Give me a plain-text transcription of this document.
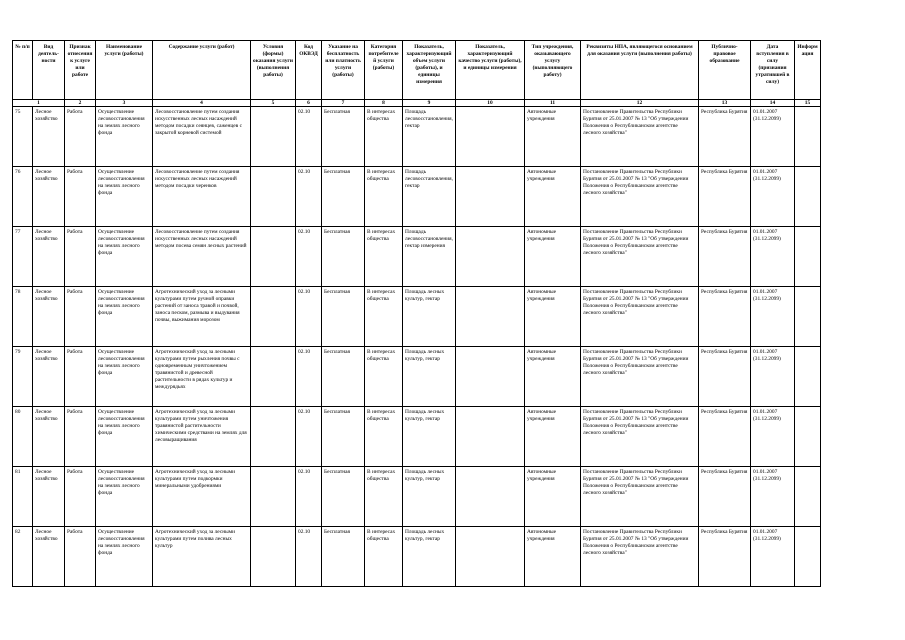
№ п/п	Вид деятель-ности	Признак отнесения к услуге или работе	Наименование услуги (работы)	Содержание услуги (работ)	Условия (формы) оказания услуги (выполнения работы)	Код ОКВЭД	Указание на бесплатность или платность услуги (работы)	Категория потребителей услуги (работы)	Показатель, характеризующий объем услуги (работы), и единицы измерения	Показатель, характеризующий качество услуги (работы), и единицы измерения	Тип учреждения, оказывающего услугу (выполняющего работу)	Реквизиты НПА, являющегося основанием для оказания услуги (выполнения работы)	Публично-правовое образование	Дата вступления в силу (признания утратившей в силу)	Информация
1		2	3	4	5	6	7	8	9	10	11	12	13	14	15
75	Лесное хозяйство	Работа	Осуществление лесовосстановления на землях лесного фонда	Лесовосстановление путем создания искусственных лесных насаждений методом посадки сеянцев, саженцев с закрытой корневой системой		02.10	Бесплатная	В интересах общества	Площадь лесовосстановления, гектар		Автономные учреждения	Постановление Правительства Республики Бурятия от 25.01.2007 № 13 "Об утверждении Положения о Республиканском агентстве лесного хозяйства"	Республика Бурятия	01.01.2007 (31.12.2099)	
76	Лесное хозяйство	Работа	Осуществление лесовосстановления на землях лесного фонда	Лесовосстановление путем создания искусственных лесных насаждений методом посадки черенков		02.10	Бесплатная	В интересах общества	Площадь лесовосстановления, гектар		Автономные учреждения	Постановление Правительства Республики Бурятия от 25.01.2007 № 13 "Об утверждении Положения о Республиканском агентстве лесного хозяйства"	Республика Бурятия	01.01.2007 (31.12.2099)	
77	Лесное хозяйство	Работа	Осуществление лесовосстановления на землях лесного фонда	Лесовосстановление путем создания искусственных лесных насаждений методом посева семян лесных растений		02.10	Бесплатная	В интересах общества	Площадь лесовосстановления, гектар измерения		Автономные учреждения	Постановление Правительства Республики Бурятия от 25.01.2007 № 13 "Об утверждении Положения о Республиканском агентстве лесного хозяйства"	Республика Бурятия	01.01.2007 (31.12.2099)	
78	Лесное хозяйство	Работа	Осуществление лесовосстановления на землях лесного фонда	Агротехнический уход за лесными культурами путем ручной оправки растений от заноса травой и почвой, заноса песком, размыва и выдувания почвы, выжимания морозом		02.10	Бесплатная	В интересах общества	Площадь лесных культур, гектар		Автономные учреждения	Постановление Правительства Республики Бурятия от 25.01.2007 № 13 "Об утверждении Положения о Республиканском агентстве лесного хозяйства"	Республика Бурятия	01.01.2007 (31.12.2099)	
79	Лесное хозяйство	Работа	Осуществление лесовосстановления на землях лесного фонда	Агротехнический уход за лесными культурами путем рыхления почвы с одновременным уничтожением травянистой и древесной растительности в рядах культур и междурядьях		02.10	Бесплатная	В интересах общества	Площадь лесных культур, гектар		Автономные учреждения	Постановление Правительства Республики Бурятия от 25.01.2007 № 13 "Об утверждении Положения о Республиканском агентстве лесного хозяйства"	Республика Бурятия	01.01.2007 (31.12.2099)	
80	Лесное хозяйство	Работа	Осуществление лесовосстановления на землях лесного фонда	Агротехнический уход за лесными культурами путем уничтожения травянистой растительности химическими средствами на землях для лесовыращивания		02.10	Бесплатная	В интересах общества	Площадь лесных культур, гектар		Автономные учреждения	Постановление Правительства Республики Бурятия от 25.01.2007 № 13 "Об утверждении Положения о Республиканском агентстве лесного хозяйства"	Республика Бурятия	01.01.2007 (31.12.2099)	
81	Лесное хозяйство	Работа	Осуществление лесовосстановления на землях лесного фонда	Агротехнический уход за лесными культурами путем подкормки минеральными удобрениями		02.10	Бесплатная	В интересах общества	Площадь лесных культур, гектар		Автономные учреждения	Постановление Правительства Республики Бурятия от 25.01.2007 № 13 "Об утверждении Положения о Республиканском агентстве лесного хозяйства"	Республика Бурятия	01.01.2007 (31.12.2099)	
82	Лесное хозяйство	Работа	Осуществление лесовосстановления на землях лесного фонда	Агротехнический уход за лесными культурами путем полива лесных культур		02.10	Бесплатная	В интересах общества	Площадь лесных культур, гектар		Автономные учреждения	Постановление Правительства Республики Бурятия от 25.01.2007 № 13 "Об утверждении Положения о Республиканском агентстве лесного хозяйства"	Республика Бурятия	01.01.2007 (31.12.2099)	
